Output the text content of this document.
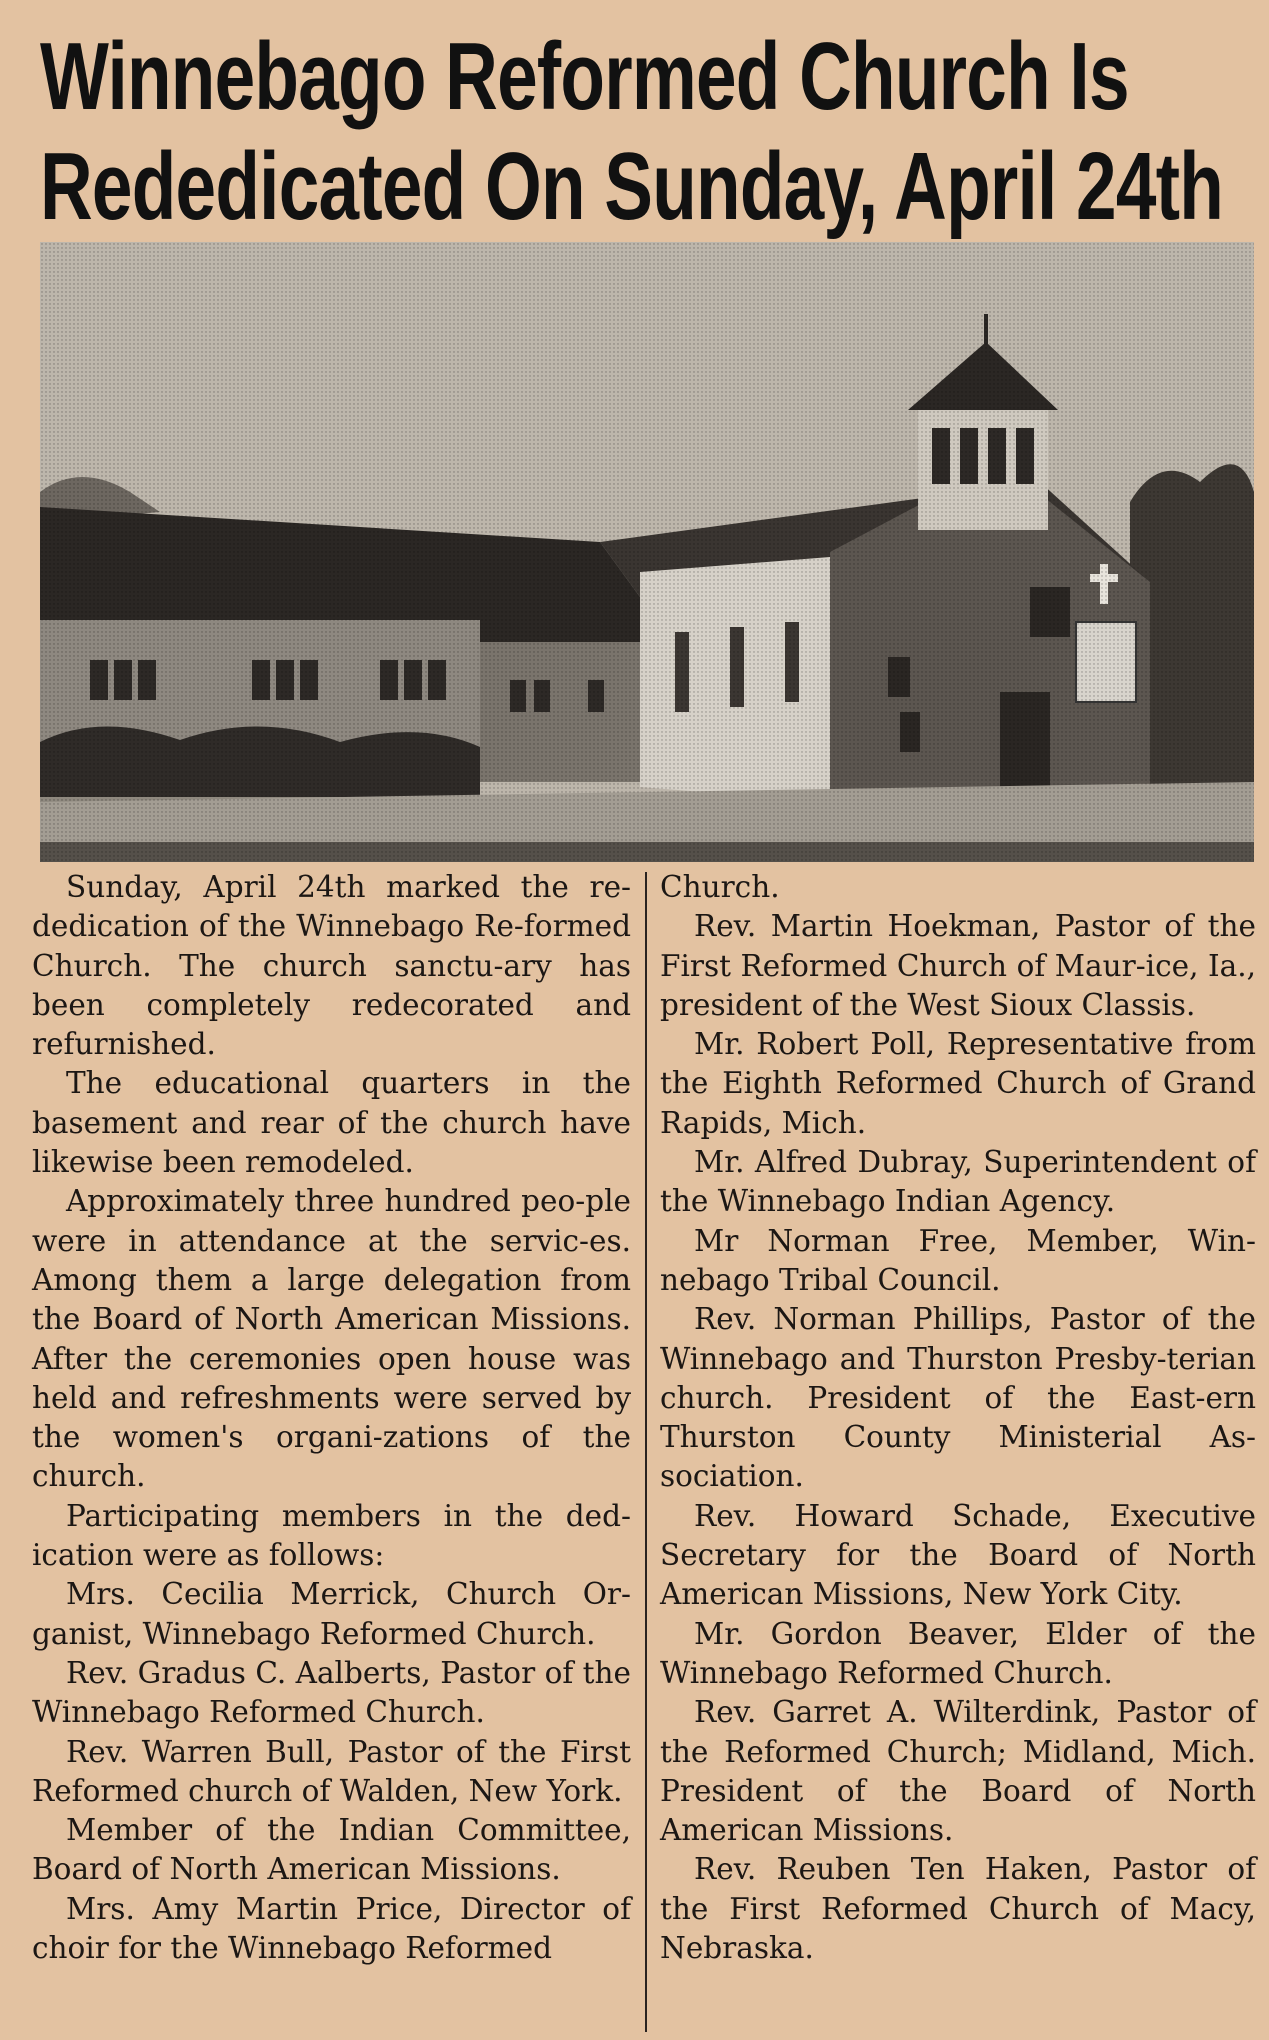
Winnebago Reformed Church Is
Rededicated On Sunday, April 24th

Sunday, April 24th marked the re-dedication of the Winnebago Re-formed Church. The church sanctu-ary has been completely redecorated and refurnished.

The educational quarters in the basement and rear of the church have likewise been remodeled.

Approximately three hundred peo-ple were in attendance at the servic-es. Among them a large delegation from the Board of North American Missions. After the ceremonies open house was held and refreshments were served by the women's organi-zations of the church.

Participating members in the ded-ication were as follows:

Mrs. Cecilia Merrick, Church Or-ganist, Winnebago Reformed Church.

Rev. Gradus C. Aalberts, Pastor of the Winnebago Reformed Church.

Rev. Warren Bull, Pastor of the First Reformed church of Walden, New York.

Member of the Indian Committee, Board of North American Missions.

Mrs. Amy Martin Price, Director of choir for the Winnebago Reformed

Church.

Rev. Martin Hoekman, Pastor of the First Reformed Church of Maur-ice, Ia., president of the West Sioux Classis.

Mr. Robert Poll, Representative from the Eighth Reformed Church of Grand Rapids, Mich.

Mr. Alfred Dubray, Superintendent of the Winnebago Indian Agency.

Mr Norman Free, Member, Win-nebago Tribal Council.

Rev. Norman Phillips, Pastor of the Winnebago and Thurston Presby-terian church. President of the East-ern Thurston County Ministerial As-sociation.

Rev. Howard Schade, Executive Secretary for the Board of North American Missions, New York City.

Mr. Gordon Beaver, Elder of the Winnebago Reformed Church.

Rev. Garret A. Wilterdink, Pastor of the Reformed Church; Midland, Mich. President of the Board of North American Missions.

Rev. Reuben Ten Haken, Pastor of the First Reformed Church of Macy, Nebraska.
